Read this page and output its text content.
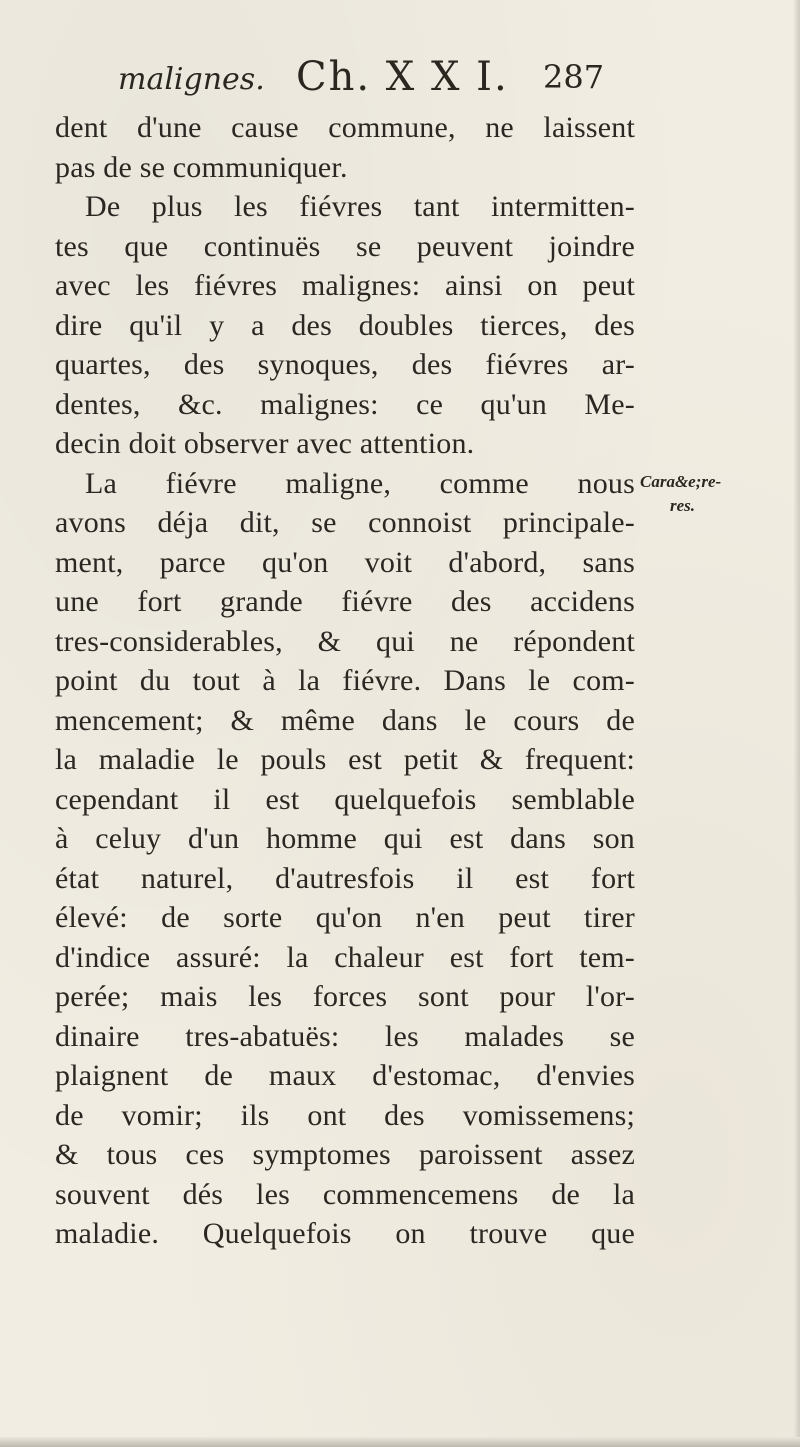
malignes. Ch. X X I. 287
dent d'une cause commune, ne laissent
pas de se communiquer.
De plus les fiévres tant intermitten-
tes que continuës se peuvent joindre
avec les fiévres malignes: ainsi on peut
dire qu'il y a des doubles tierces, des
quartes, des synoques, des fiévres ar-
dentes, &c. malignes: ce qu'un Me-
decin doit observer avec attention.
La fiévre maligne, comme nous
avons déja dit, se connoist principale-
ment, parce qu'on voit d'abord, sans
une fort grande fiévre des accidens
tres-considerables, & qui ne répondent
point du tout à la fiévre. Dans le com-
mencement; & même dans le cours de
la maladie le pouls est petit & frequent:
cependant il est quelquefois semblable
à celuy d'un homme qui est dans son
état naturel, d'autresfois il est fort
élevé: de sorte qu'on n'en peut tirer
d'indice assuré: la chaleur est fort tem-
perée; mais les forces sont pour l'or-
dinaire tres-abatuës: les malades se
plaignent de maux d'estomac, d'envies
de vomir; ils ont des vomissemens;
& tous ces symptomes paroissent assez
souvent dés les commencemens de la
maladie. Quelquefois on trouve que
Cara&e;re-
res.
